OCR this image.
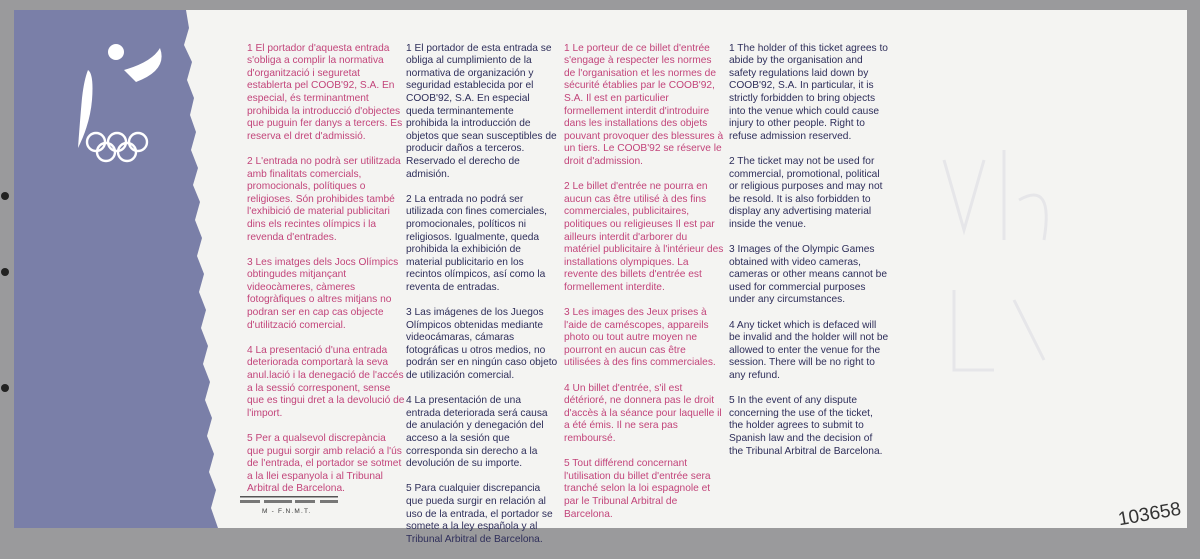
1 El portador d'aquesta entrada s'obliga a complir la normativa d'organització i seguretat establerta pel COOB'92, S.A. En especial, és terminantment prohibida la introducció d'objectes que puguin fer danys a tercers. Es reserva el dret d'admissió.

2 L'entrada no podrà ser utilitzada amb finalitats comercials, promocionals, polítiques o religioses. Són prohibides també l'exhibició de material publicitari dins els recintes olímpics i la revenda d'entrades.

3 Les imatges dels Jocs Olímpics obtingudes mitjançant videocàmeres, càmeres fotogràfiques o altres mitjans no podran ser en cap cas objecte d'utilització comercial.

4 La presentació d'una entrada deteriorada comportarà la seva anul.lació i la denegació de l'accés a la sessió corresponent, sense que es tingui dret a la devolució de l'import.

5 Per a qualsevol discrepància que pugui sorgir amb relació a l'ús de l'entrada, el portador se sotmet a la llei espanyola i al Tribunal Arbitral de Barcelona.

1 El portador de esta entrada se obliga al cumplimiento de la normativa de organización y seguridad establecida por el COOB'92, S.A. En especial queda terminantemente prohibida la introducción de objetos que sean susceptibles de producir daños a terceros. Reservado el derecho de admisión.

2 La entrada no podrá ser utilizada con fines comerciales, promocionales, políticos ni religiosos. Igualmente, queda prohibida la exhibición de material publicitario en los recintos olímpicos, así como la reventa de entradas.

3 Las imágenes de los Juegos Olímpicos obtenidas mediante videocámaras, cámaras fotográficas u otros medios, no podrán ser en ningún caso objeto de utilización comercial.

4 La presentación de una entrada deteriorada será causa de anulación y denegación del acceso a la sesión que corresponda sin derecho a la devolución de su importe.

5 Para cualquier discrepancia que pueda surgir en relación al uso de la entrada, el portador se somete a la ley española y al Tribunal Arbitral de Barcelona.

1 Le porteur de ce billet d'entrée s'engage à respecter les normes de l'organisation et les normes de sécurité établies par le COOB'92, S.A. Il est en particulier formellement interdit d'introduire dans les installations des objets pouvant provoquer des blessures à un tiers. Le COOB'92 se réserve le droit d'admission.

2 Le billet d'entrée ne pourra en aucun cas être utilisé à des fins commerciales, publicitaires, politiques ou religieuses Il est par ailleurs interdit d'arborer du matériel publicitaire à l'intérieur des installations olympiques. La revente des billets d'entrée est formellement interdite.

3 Les images des Jeux prises à l'aide de caméscopes, appareils photo ou tout autre moyen ne pourront en aucun cas être utilisées à des fins commerciales.

4 Un billet d'entrée, s'il est détérioré, ne donnera pas le droit d'accès à la séance pour laquelle il a été émis. Il ne sera pas remboursé.

5 Tout différend concernant l'utilisation du billet d'entrée sera tranché selon la loi espagnole et par le Tribunal Arbitral de Barcelona.

1 The holder of this ticket agrees to abide by the organisation and safety regulations laid down by COOB'92, S.A. In particular, it is strictly forbidden to bring objects into the venue which could cause injury to other people. Right to refuse admission reserved.

2 The ticket may not be used for commercial, promotional, political or religious purposes and may not be resold. It is also forbidden to display any advertising material inside the venue.

3 Images of the Olympic Games obtained with video cameras, cameras or other means cannot be used for commercial purposes under any circumstances.

4 Any ticket which is defaced will be invalid and the holder will not be allowed to enter the venue for the session. There will be no right to any refund.

5 In the event of any dispute concerning the use of the ticket, the holder agrees to submit to Spanish law and the decision of the Tribunal Arbitral de Barcelona.

M - F.N.M.T.	103658
